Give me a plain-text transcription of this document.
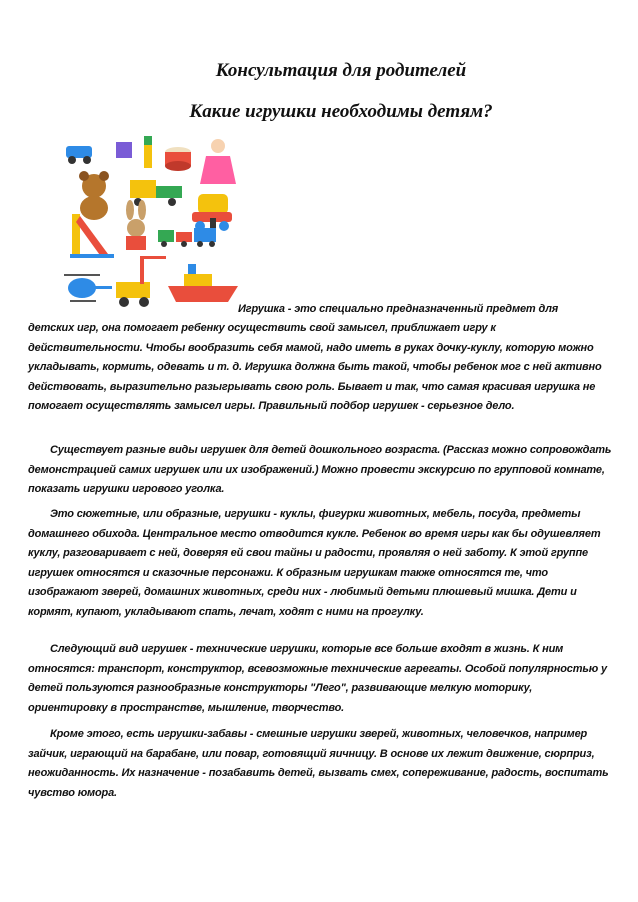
Консультация для родителей
Какие игрушки необходимы детям?
Игрушка - это специально предназначенный предмет для
детских игр, она помогает ребенку осуществить свой замысел, приближает игру к действительности. Чтобы вообразить себя мамой, надо иметь в руках дочку-куклу, которую можно укладывать, кормить, одевать и т. д. Игрушка должна быть такой, чтобы ребенок мог с ней активно действовать, выразительно разыгрывать свою роль. Бывает и так, что самая красивая игрушка не помогает осуществлять замысел игры. Правильный подбор игрушек - серьезное дело.
Существует разные виды игрушек для детей дошкольного возраста. (Рассказ можно сопровождать демонстрацией самих игрушек или их изображений.) Можно провести экскурсию по групповой комнате, показать игрушки игрового уголка.
Это сюжетные, или образные, игрушки - куклы, фигурки животных, мебель, посуда, предметы домашнего обихода. Центральное место отводится кукле. Ребенок во время игры как бы одушевляет куклу, разговаривает с ней, доверяя ей свои тайны и радости, проявляя о ней заботу. К этой группе игрушек относятся и сказочные персонажи. К образным игрушкам также относятся те, что изображают зверей, домашних животных, среди них - любимый детьми плюшевый мишка. Дети и кормят, купают, укладывают спать, лечат, ходят с ними на прогулку.
Следующий вид игрушек - технические игрушки, которые все больше входят в жизнь. К ним относятся: транспорт, конструктор, всевозможные технические агрегаты. Особой популярностью у детей пользуются разнообразные конструкторы "Лего", развивающие мелкую моторику, ориентировку в пространстве, мышление, творчество.
Кроме этого, есть игрушки-забавы - смешные игрушки зверей, животных, человечков, например зайчик, играющий на барабане, или повар, готовящий яичницу. В основе их лежит движение, сюрприз, неожиданность. Их назначение - позабавить детей, вызвать смех, сопереживание, радость, воспитать чувство юмора.
